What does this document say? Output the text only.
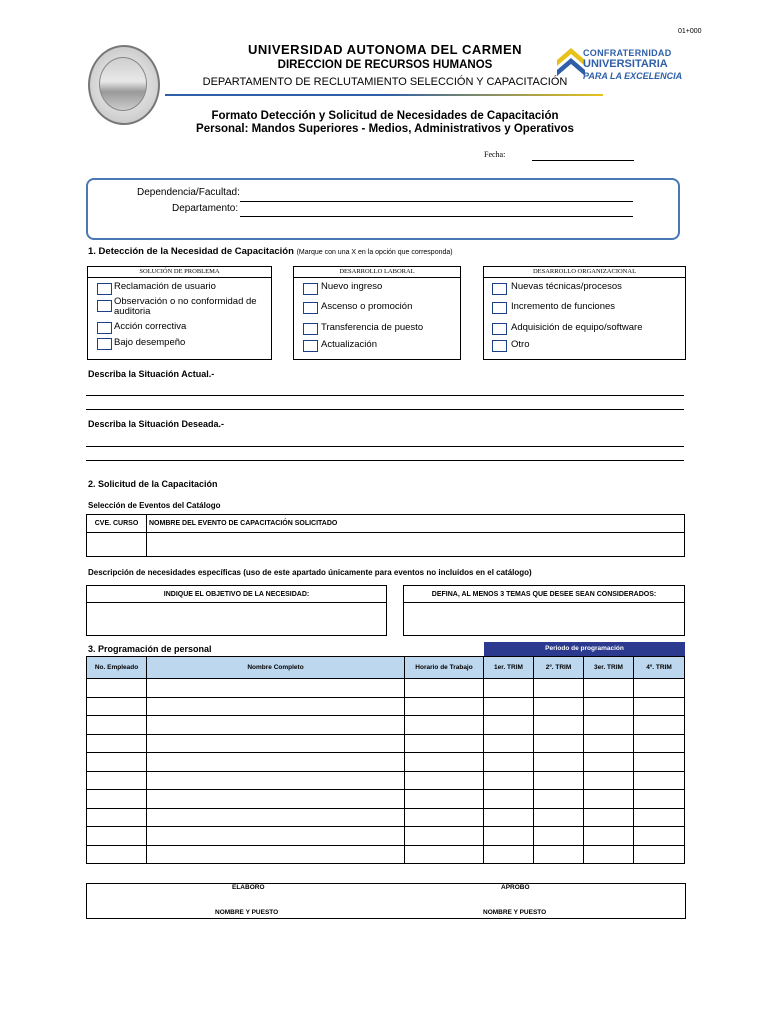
01+000
UNIVERSIDAD AUTONOMA DEL CARMEN
DIRECCION DE RECURSOS HUMANOS
DEPARTAMENTO DE RECLUTAMIENTO SELECCIÓN Y CAPACITACIÓN
CONFRATERNIDAD
UNIVERSITARIA
PARA LA EXCELENCIA
Formato Detección y Solicitud de Necesidades de Capacitación
Personal: Mandos Superiores - Medios, Administrativos y Operativos
Fecha:
Dependencia/Facultad:
Departamento:
1. Detección de la Necesidad de Capacitación (Marque con una X en la opción que corresponda)
SOLUCIÓN DE PROBLEMA
Reclamación de usuario
Observación o no conformidad de auditoria
Acción correctiva
Bajo desempeño
DESARROLLO LABORAL
Nuevo ingreso
Ascenso o promoción
Transferencia de puesto
Actualización
DESARROLLO ORGANIZACIONAL
Nuevas técnicas/procesos
Incremento de funciones
Adquisición de equipo/software
Otro
Describa la Situación Actual.-
Describa la Situación Deseada.-
2. Solicitud de la Capacitación
Selección de Eventos del Catálogo
CVE. CURSO	NOMBRE DEL EVENTO DE CAPACITACIÓN SOLICITADO

Descripción de necesidades específicas (uso de este apartado únicamente para eventos no incluidos en el catálogo)
INDIQUE EL OBJETIVO DE LA NECESIDAD:	DEFINA, AL MENOS 3 TEMAS QUE DESEE SEAN CONSIDERADOS:

3. Programación de personal	Periodo de programación
No. Empleado	Nombre Completo	Horario de Trabajo	1er. TRIM	2º. TRIM	3er. TRIM	4º. TRIM

ELABORÓ	APROBÓ
NOMBRE Y PUESTO	NOMBRE Y PUESTO
